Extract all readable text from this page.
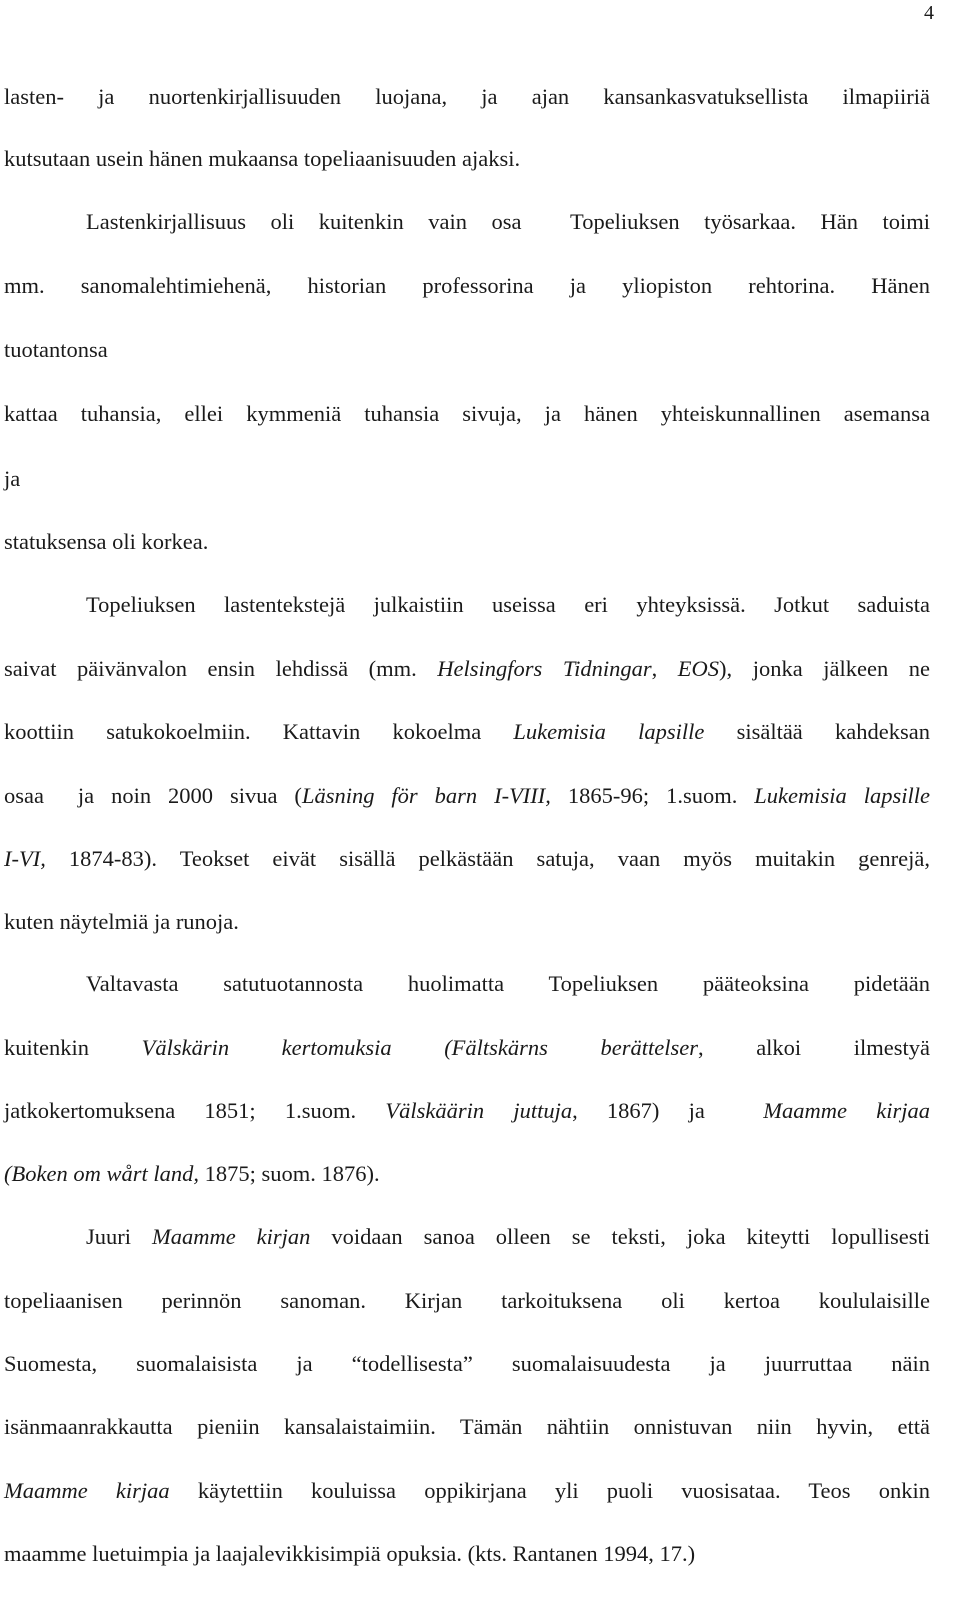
4
lasten- ja nuortenkirjallisuuden luojana, ja ajan kansankasvatuksellista ilmapiiriä
kutsutaan usein hänen mukaansa topeliaanisuuden ajaksi.
Lastenkirjallisuus oli kuitenkin vain osa  Topeliuksen työsarkaa. Hän toimi
mm. sanomalehtimiehenä, historian professorina ja yliopiston rehtorina. Hänen
tuotantonsa
kattaa tuhansia, ellei kymmeniä tuhansia sivuja, ja hänen yhteiskunnallinen asemansa
ja
statuksensa oli korkea.
Topeliuksen lastentekstejä julkaistiin useissa eri yhteyksissä. Jotkut saduista
saivat päivänvalon ensin lehdissä (mm. Helsingfors Tidningar, EOS), jonka jälkeen ne
koottiin satukokoelmiin. Kattavin kokoelma Lukemisia lapsille sisältää kahdeksan
osaa  ja noin 2000 sivua (Läsning för barn I-VIII, 1865-96; 1.suom. Lukemisia lapsille
I-VI, 1874-83). Teokset eivät sisällä pelkästään satuja, vaan myös muitakin genrejä,
kuten näytelmiä ja runoja.
Valtavasta satutuotannosta huolimatta Topeliuksen pääteoksina pidetään
kuitenkin Välskärin kertomuksia (Fältskärns berättelser, alkoi ilmestyä
jatkokertomuksena 1851; 1.suom. Välskäärin juttuja, 1867) ja  Maamme kirjaa
(Boken om wårt land, 1875; suom. 1876).
Juuri Maamme kirjan voidaan sanoa olleen se teksti, joka kiteytti lopullisesti
topeliaanisen perinnön sanoman. Kirjan tarkoituksena oli kertoa koululaisille
Suomesta, suomalaisista ja “todellisesta” suomalaisuudesta ja juurruttaa näin
isänmaanrakkautta pieniin kansalaistaimiin. Tämän nähtiin onnistuvan niin hyvin, että
Maamme kirjaa käytettiin kouluissa oppikirjana yli puoli vuosisataa. Teos onkin
maamme luetuimpia ja laajalevikkisimpiä opuksia. (kts. Rantanen 1994, 17.)
